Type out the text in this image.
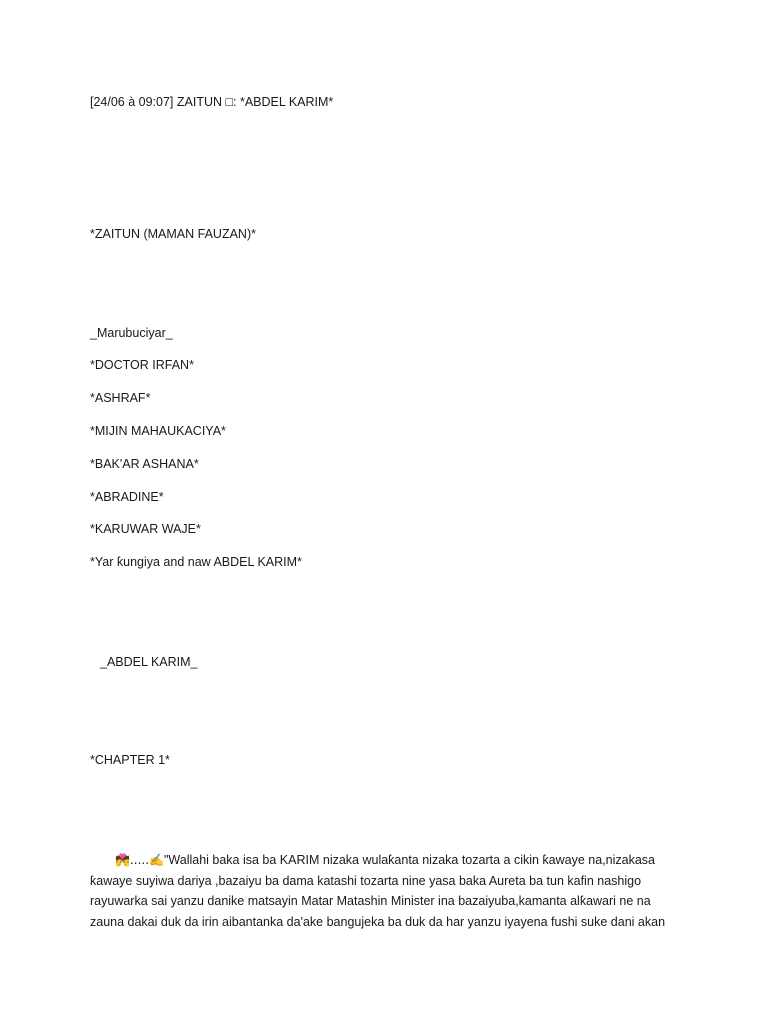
[24/06 à 09:07] ZAITUN □: *ABDEL KARIM*
*ZAITUN (MAMAN FAUZAN)*
_Marubuciyar_
*DOCTOR IRFAN*
*ASHRAF*
*MIJIN MAHAUKACIYA*
*BAK'AR ASHANA*
*ABRADINE*
*KARUWAR WAJE*
*Yar ƙungiya and naw ABDEL KARIM*
_ABDEL KARIM_
*CHAPTER 1*
💏.....✍️"Wallahi baka isa ba KARIM nizaka wulaƙanta nizaka tozarta a cikin ƙawaye na,nizakasa
ƙawaye suyiwa dariya ,bazaiyu ba dama katashi tozarta nine yasa baka Aureta ba tun kafin nashigo
rayuwarka sai yanzu danike matsayin Matar Matashin Minister ina bazaiyuba,kamanta alƙawari ne na
zauna dakai duk da irin aibantanka da'ake bangujeka ba duk da har yanzu iyayena fushi suke dani akan
